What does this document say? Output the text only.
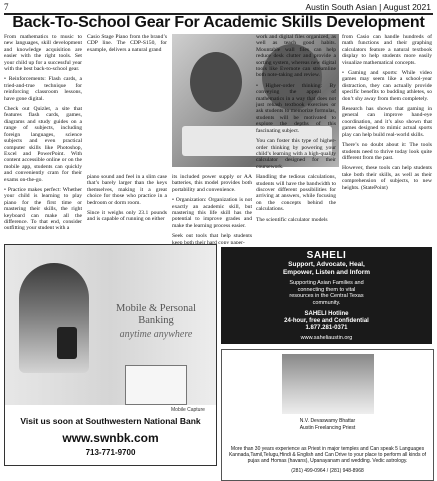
7	Austin South Asian | August 2021
Back-To-School Gear For Academic Skills Development

From mathematics to music to new languages, skill development and knowledge acquisition are easier with the right tools. Set your child up for a successful year with the best back-to-school gear.

• Reinforcements: Flash cards, a tried-and-true technique for reinforcing classroom lessons, have gone digital.

Check out Quizlet, a site that features flash cards, games, diagrams and study guides on a range of subjects, including foreign languages, science subjects and even practical computer skills like Photoshop, Excel and PowerPoint. With content accessible online or on the mobile app, students can quickly and conveniently cram for their exams on-the-go.

• Practice makes perfect: Whether your child is learning to play piano for the first time or mastering their skills, the right keyboard can make all the difference. To that end, consider outfitting your student with a

Casio Stage Piano from the brand’s CDP line. The CDP-S150, for example, delivers a natural grand

piano sound and feel in a slim case that’s barely larger than the keys themselves, making it a great choice for those who practice in a bedroom or dorm room.

Since it weighs only 23.1 pounds and is capable of running on either

its included power supply or AA batteries, this model provides both portability and convenience.

• Organization: Organization is not exactly an academic skill, but mastering this life skill has the potential to improve grades and make the learning process easier.

Seek out tools that help students keep both their hard copy paper-

work and digital files organized, as well as teach good habits. Mountable wall files can help reduce desk clutter and provide a sorting system, whereas new digital tools like Evernote can streamline both note-taking and review.

• Higher-order thinking: By conveying the appeal of mathematics in a way that does not just rehash textbook exercises or ask students to memorize formulas, students will be motivated to explore the depths of this fascinating subject.

You can foster this type of higher-order thinking by powering your child’s learning with a high-quality calculator designed for their coursework.

Handling the tedious calculations, students will have the bandwidth to discover different possibilities for arriving at answers, while focusing on the concepts behind the calculations.

The scientific calculator models

from Casio can handle hundreds of math functions and their graphing calculators feature a natural textbook display to help students more easily visualize mathematical concepts.

• Gaming and sports: While video games may seem like a school-year distraction, they can actually provide specific benefits to budding athletes, so don’t shy away from them completely.

Research has shown that gaming in general can improve hand-eye coordination, and it’s also shown that games designed to mimic actual sports play can help build real-world skills.

There’s no doubt about it: The tools students need to thrive today look quite different from the past.

However, these tools can help students take both their skills, as well as their comprehension of subjects, to new heights. (StatePoint)

Mobile & Personal
Banking
anytime anywhere
Mobile Capture
Visit us soon at Southwestern National Bank
www.swnbk.com
713-771-9700
SAHELI
Support, Advocate, Heal,
Empower, Listen and Inform
Supporting Asian Families and
connecting them to vital
resources in the Central Texas
community.
SAHELI Hotline
24-hour, free and Confidential
1.877.281-0371
www.saheliaustin.org
N.V. Devaswamy Bhattar
Austin Freelancing Priest
More than 30 years experience as Priest in major temples and Can speak 5 Languages
Kannada,Tamil,Telugu,Hindi & English and Can Drive to your place to perform all kinds of pujas and Homas (havans), Upanayanam and wedding. Vedic astrology.
(281) 499-0964 / (281) 948-8968
